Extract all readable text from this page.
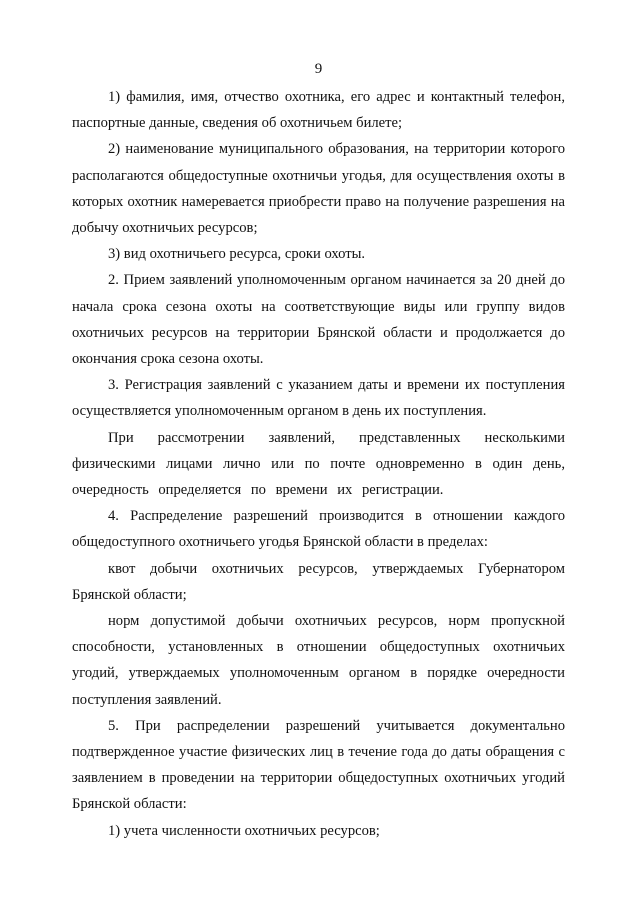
9

1) фамилия, имя, отчество охотника, его адрес и контактный телефон, паспортные данные, сведения об охотничьем билете;

2) наименование муниципального образования, на территории которого располагаются общедоступные охотничьи угодья, для осуществления охоты в которых охотник намеревается приобрести право на получение разрешения на добычу охотничьих ресурсов;

3) вид охотничьего ресурса, сроки охоты.

2. Прием заявлений уполномоченным органом начинается за 20 дней до начала срока сезона охоты на соответствующие виды или группу видов охотничьих ресурсов на территории Брянской области и продолжается до окончания срока сезона охоты.

3. Регистрация заявлений с указанием даты и времени их поступления осуществляется уполномоченным органом в день их поступления.

При рассмотрении заявлений, представленных несколькими физическими лицами лично или по почте одновременно в один день, очередность определяется по времени их регистрации.

4. Распределение разрешений производится в отношении каждого общедоступного охотничьего угодья Брянской области в пределах:

квот добычи охотничьих ресурсов, утверждаемых Губернатором Брянской области;

норм допустимой добычи охотничьих ресурсов, норм пропускной способности, установленных в отношении общедоступных охотничьих угодий, утверждаемых уполномоченным органом в порядке очередности поступления заявлений.

5. При распределении разрешений учитывается документально подтвержденное участие физических лиц в течение года до даты обращения с заявлением в проведении на территории общедоступных охотничьих угодий Брянской области:

1) учета численности охотничьих ресурсов;
